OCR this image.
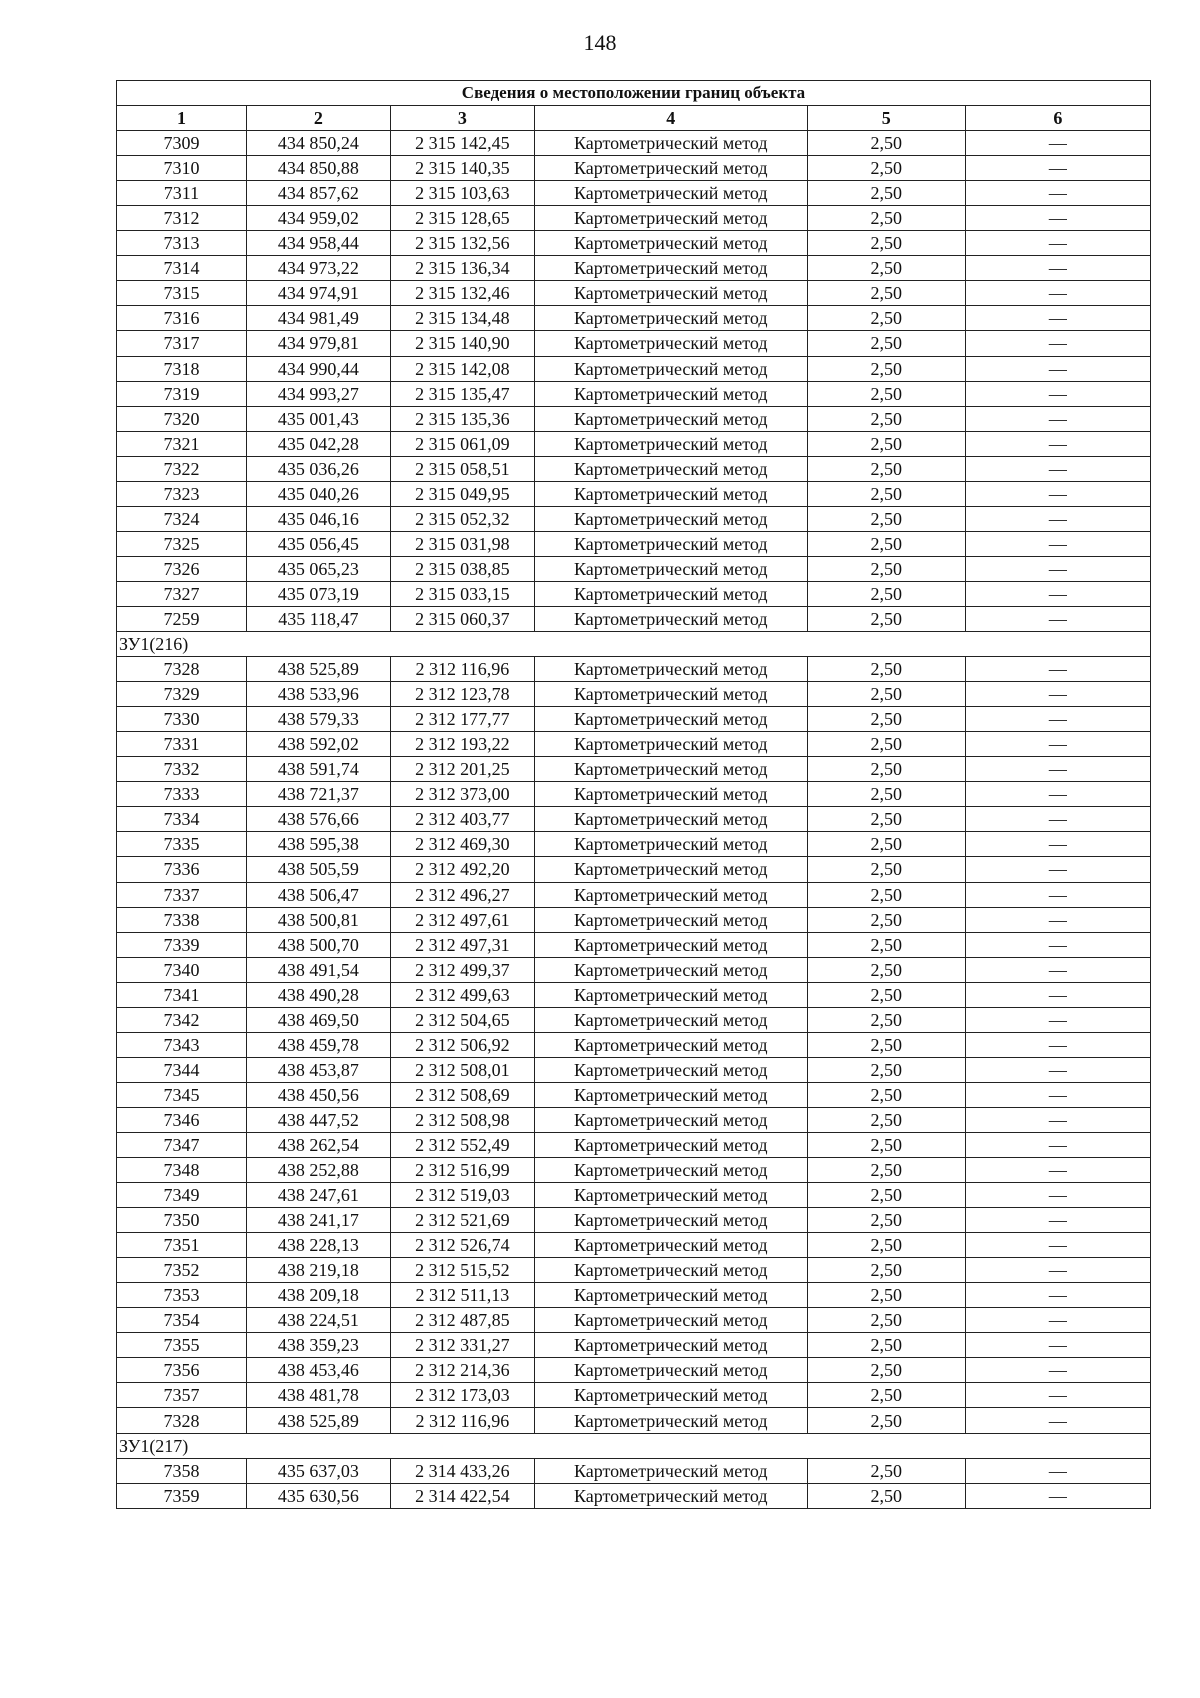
148
Сведения о местоположении границ объекта					
1	2	3	4	5	6
7309	434 850,24	2 315 142,45	Картометрический метод	2,50	—
7310	434 850,88	2 315 140,35	Картометрический метод	2,50	—
7311	434 857,62	2 315 103,63	Картометрический метод	2,50	—
7312	434 959,02	2 315 128,65	Картометрический метод	2,50	—
7313	434 958,44	2 315 132,56	Картометрический метод	2,50	—
7314	434 973,22	2 315 136,34	Картометрический метод	2,50	—
7315	434 974,91	2 315 132,46	Картометрический метод	2,50	—
7316	434 981,49	2 315 134,48	Картометрический метод	2,50	—
7317	434 979,81	2 315 140,90	Картометрический метод	2,50	—
7318	434 990,44	2 315 142,08	Картометрический метод	2,50	—
7319	434 993,27	2 315 135,47	Картометрический метод	2,50	—
7320	435 001,43	2 315 135,36	Картометрический метод	2,50	—
7321	435 042,28	2 315 061,09	Картометрический метод	2,50	—
7322	435 036,26	2 315 058,51	Картометрический метод	2,50	—
7323	435 040,26	2 315 049,95	Картометрический метод	2,50	—
7324	435 046,16	2 315 052,32	Картометрический метод	2,50	—
7325	435 056,45	2 315 031,98	Картометрический метод	2,50	—
7326	435 065,23	2 315 038,85	Картометрический метод	2,50	—
7327	435 073,19	2 315 033,15	Картометрический метод	2,50	—
7259	435 118,47	2 315 060,37	Картометрический метод	2,50	—
ЗУ1(216)					
7328	438 525,89	2 312 116,96	Картометрический метод	2,50	—
7329	438 533,96	2 312 123,78	Картометрический метод	2,50	—
7330	438 579,33	2 312 177,77	Картометрический метод	2,50	—
7331	438 592,02	2 312 193,22	Картометрический метод	2,50	—
7332	438 591,74	2 312 201,25	Картометрический метод	2,50	—
7333	438 721,37	2 312 373,00	Картометрический метод	2,50	—
7334	438 576,66	2 312 403,77	Картометрический метод	2,50	—
7335	438 595,38	2 312 469,30	Картометрический метод	2,50	—
7336	438 505,59	2 312 492,20	Картометрический метод	2,50	—
7337	438 506,47	2 312 496,27	Картометрический метод	2,50	—
7338	438 500,81	2 312 497,61	Картометрический метод	2,50	—
7339	438 500,70	2 312 497,31	Картометрический метод	2,50	—
7340	438 491,54	2 312 499,37	Картометрический метод	2,50	—
7341	438 490,28	2 312 499,63	Картометрический метод	2,50	—
7342	438 469,50	2 312 504,65	Картометрический метод	2,50	—
7343	438 459,78	2 312 506,92	Картометрический метод	2,50	—
7344	438 453,87	2 312 508,01	Картометрический метод	2,50	—
7345	438 450,56	2 312 508,69	Картометрический метод	2,50	—
7346	438 447,52	2 312 508,98	Картометрический метод	2,50	—
7347	438 262,54	2 312 552,49	Картометрический метод	2,50	—
7348	438 252,88	2 312 516,99	Картометрический метод	2,50	—
7349	438 247,61	2 312 519,03	Картометрический метод	2,50	—
7350	438 241,17	2 312 521,69	Картометрический метод	2,50	—
7351	438 228,13	2 312 526,74	Картометрический метод	2,50	—
7352	438 219,18	2 312 515,52	Картометрический метод	2,50	—
7353	438 209,18	2 312 511,13	Картометрический метод	2,50	—
7354	438 224,51	2 312 487,85	Картометрический метод	2,50	—
7355	438 359,23	2 312 331,27	Картометрический метод	2,50	—
7356	438 453,46	2 312 214,36	Картометрический метод	2,50	—
7357	438 481,78	2 312 173,03	Картометрический метод	2,50	—
7328	438 525,89	2 312 116,96	Картометрический метод	2,50	—
ЗУ1(217)					
7358	435 637,03	2 314 433,26	Картометрический метод	2,50	—
7359	435 630,56	2 314 422,54	Картометрический метод	2,50	—
